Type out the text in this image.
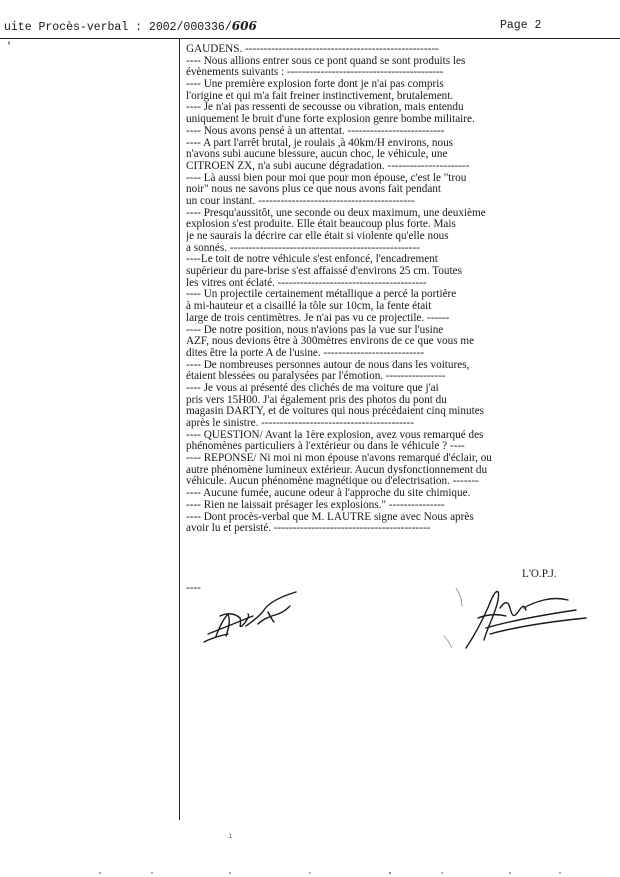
uite Procès-verbal : 2002/000336/606	Page 2
'	GAUDENS. ----------------------------------------------------
---- Nous allions entrer sous ce pont quand se sont produits les
évènements suivants : ------------------------------------------
---- Une première explosion forte dont je n'ai pas compris
l'origine et qui m'a fait freiner instinctivement, brutalement.
---- Je n'ai pas ressenti de secousse ou vibration, mais entendu
uniquement le bruit d'une forte explosion genre bombe militaire.
---- Nous avons pensé à un attentat. --------------------------
---- A part l'arrêt brutal, je roulais ,à 40km/H environs, nous
n'avons subi aucune blessure, aucun choc, le véhicule, une
CITROEN ZX, n'a subi aucune dégradation. ----------------------
---- Là aussi bien pour moi que pour mon épouse, c'est le "trou
noir" nous ne savons plus ce que nous avons fait pendant
un cour instant. ------------------------------------------
---- Presqu'aussitôt, une seconde ou deux maximum, une deuxième
explosion s'est produite. Elle était beaucoup plus forte. Mais
je ne saurais la décrire car elle était si violente qu'elle nous
a sonnés. ---------------------------------------------------
----Le toit de notre véhicule s'est enfoncé, l'encadrement
supérieur du pare-brise s'est affaissé d'environs 25 cm. Toutes
les vitres ont éclaté. ----------------------------------------
---- Un projectile certainement métallique a percé la portière
à mi-hauteur et a cisaillé la tôle sur 10cm, la fente était
large de trois centimètres. Je n'ai pas vu ce projectile. ------
---- De notre position, nous n'avions pas la vue sur l'usine
AZF, nous devions être à 300mètres environs de ce que vous me
dites être la porte A de l'usine. ---------------------------
---- De nombreuses personnes autour de nous dans les voitures,
étaient blessées ou paralysées par l'émotion. ----------------
---- Je vous ai présenté des clichés de ma voiture que j'ai
pris vers 15H00. J'ai également pris des photos du pont du
magasin DARTY, et de voitures qui nous précédaient cinq minutes
après le sinistre. -----------------------------------------
---- QUESTION/ Avant la 1ère explosion, avez vous remarqué des
phénomènes particuliers à l'extérieur ou dans le véhicule ? ----
---- REPONSE/ Ni moi ni mon épouse n'avons remarqué d'éclair, ou
autre phénomène lumineux extérieur. Aucun dysfonctionnement du
véhicule. Aucun phénomène magnétique ou d'electrisation. -------
---- Aucune fumée, aucune odeur à l'approche du site chimique.
---- Rien ne laissait présager les explosions." ---------------
---- Dont procès-verbal que M. LAUTRE signe avec Nous après
avoir lu et persisté. ------------------------------------------
L'O.P.J.
----
ı
